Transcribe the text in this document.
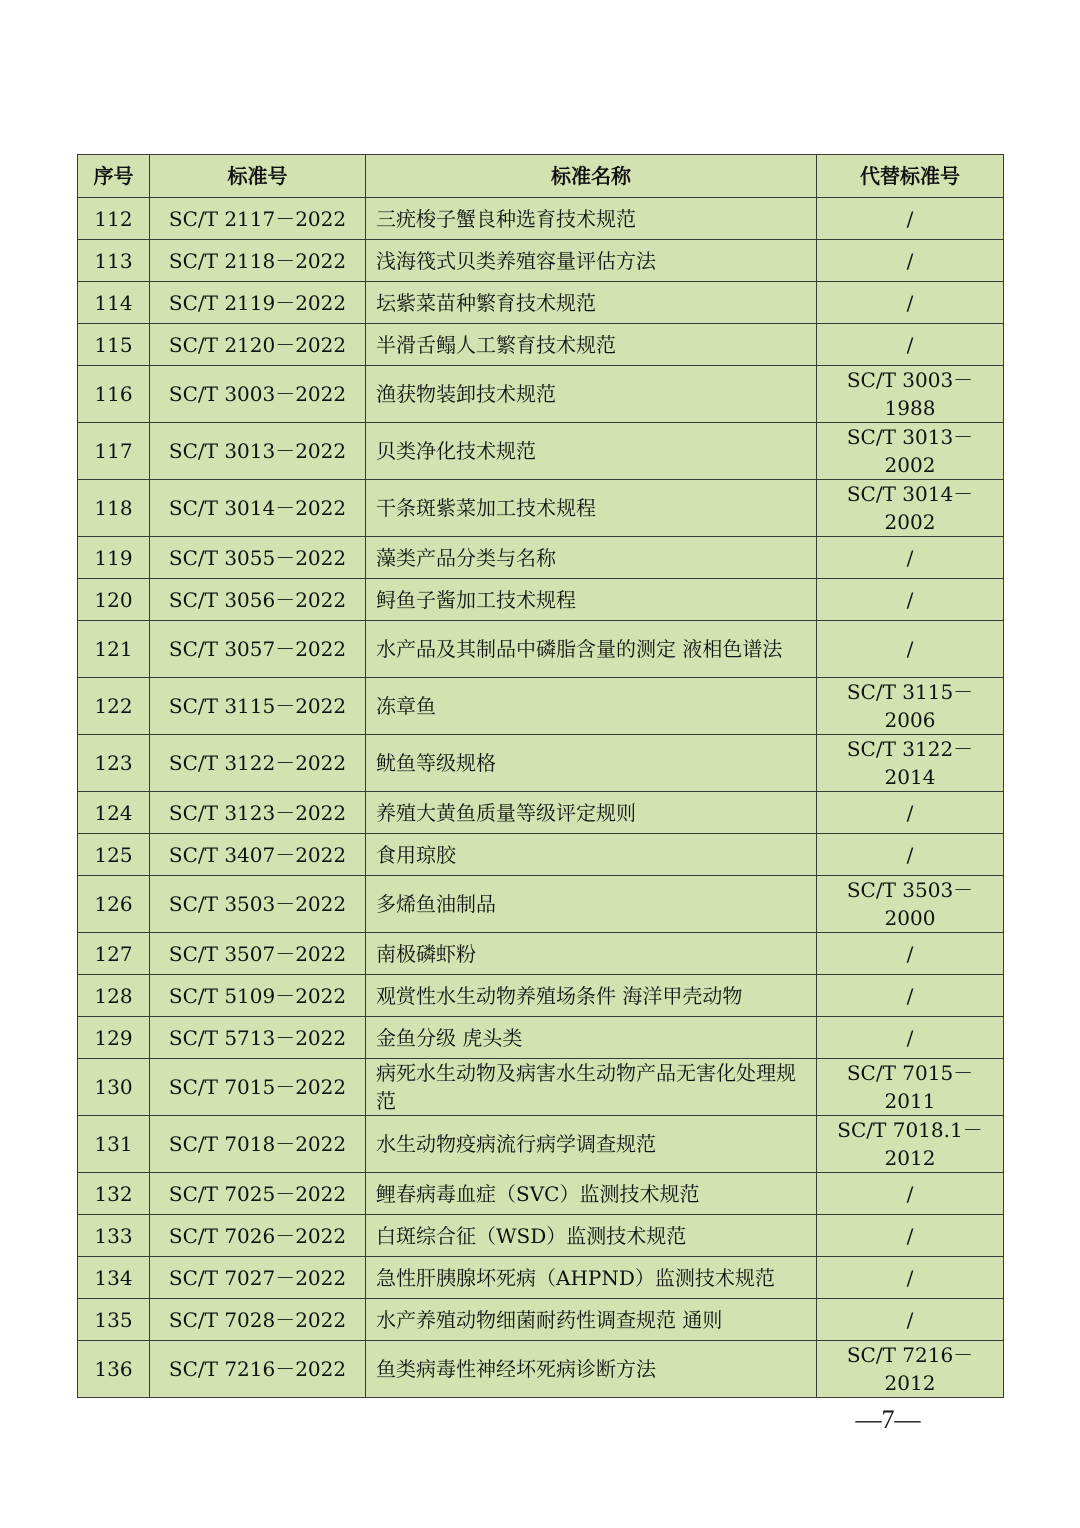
序号	标准号	标准名称	代替标准号
112	SC/T 2117－2022	三疣梭子蟹良种选育技术规范	/
113	SC/T 2118－2022	浅海筏式贝类养殖容量评估方法	/
114	SC/T 2119－2022	坛紫菜苗种繁育技术规范	/
115	SC/T 2120－2022	半滑舌鳎人工繁育技术规范	/
116	SC/T 3003－2022	渔获物装卸技术规范	SC/T 3003－1988
117	SC/T 3013－2022	贝类净化技术规范	SC/T 3013－2002
118	SC/T 3014－2022	干条斑紫菜加工技术规程	SC/T 3014－2002
119	SC/T 3055－2022	藻类产品分类与名称	/
120	SC/T 3056－2022	鲟鱼子酱加工技术规程	/
121	SC/T 3057－2022	水产品及其制品中磷脂含量的测定 液相色谱法	/
122	SC/T 3115－2022	冻章鱼	SC/T 3115－2006
123	SC/T 3122－2022	鱿鱼等级规格	SC/T 3122－2014
124	SC/T 3123－2022	养殖大黄鱼质量等级评定规则	/
125	SC/T 3407－2022	食用琼胶	/
126	SC/T 3503－2022	多烯鱼油制品	SC/T 3503－2000
127	SC/T 3507－2022	南极磷虾粉	/
128	SC/T 5109－2022	观赏性水生动物养殖场条件 海洋甲壳动物	/
129	SC/T 5713－2022	金鱼分级 虎头类	/
130	SC/T 7015－2022	病死水生动物及病害水生动物产品无害化处理规范	SC/T 7015－2011
131	SC/T 7018－2022	水生动物疫病流行病学调查规范	SC/T 7018.1－2012
132	SC/T 7025－2022	鲤春病毒血症（SVC）监测技术规范	/
133	SC/T 7026－2022	白斑综合征（WSD）监测技术规范	/
134	SC/T 7027－2022	急性肝胰腺坏死病（AHPND）监测技术规范	/
135	SC/T 7028－2022	水产养殖动物细菌耐药性调查规范 通则	/
136	SC/T 7216－2022	鱼类病毒性神经坏死病诊断方法	SC/T 7216－2012
—7—
